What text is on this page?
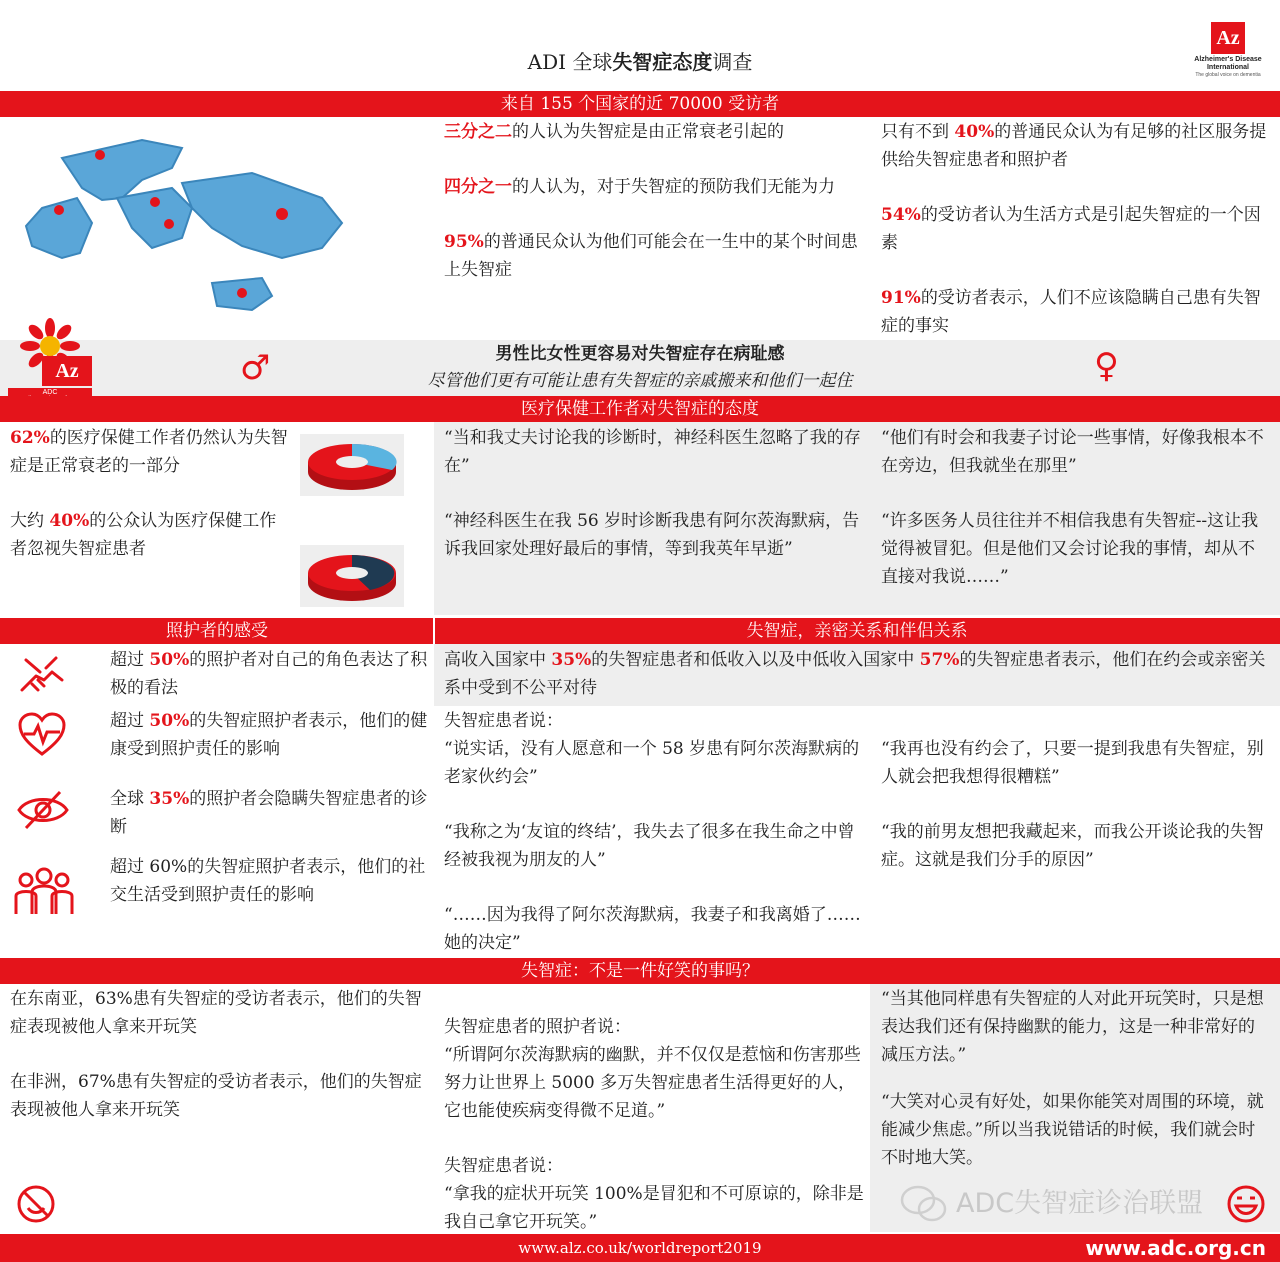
ADI 全球失智症态度调查
Az
Alzheimer's Disease
International
The global voice on dementia
来自 155 个国家的近 70000 受访者
三分之二的人认为失智症是由正常衰老引起的
四分之一的人认为，对于失智症的预防我们无能为力
95%的普通民众认为他们可能会在一生中的某个时间患上失智症
只有不到 40%的普通民众认为有足够的社区服务提供给失智症患者和照护者
54%的受访者认为生活方式是引起失智症的一个因素
91%的受访者表示，人们不应该隐瞒自己患有失智症的事实
Az
ADC
♂	♀
男性比女性更容易对失智症存在病耻感
尽管他们更有可能让患有失智症的亲戚搬来和他们一起住
医疗保健工作者对失智症的态度
62%的医疗保健工作者仍然认为失智症是正常衰老的一部分
大约 40%的公众认为医疗保健工作者忽视失智症患者
“当和我丈夫讨论我的诊断时，神经科医生忽略了我的存在”
“神经科医生在我 56 岁时诊断我患有阿尔茨海默病，告诉我回家处理好最后的事情，等到我英年早逝”
“他们有时会和我妻子讨论一些事情，好像我根本不在旁边，但我就坐在那里”
“许多医务人员往往并不相信我患有失智症--这让我觉得被冒犯。但是他们又会讨论我的事情，却从不直接对我说……”
照护者的感受	失智症，亲密关系和伴侣关系
超过 50%的照护者对自己的角色表达了积极的看法
超过 50%的失智症照护者表示，他们的健康受到照护责任的影响
全球 35%的照护者会隐瞒失智症患者的诊断
超过 60%的失智症照护者表示，他们的社交生活受到照护责任的影响
高收入国家中 35%的失智症患者和低收入以及中低收入国家中 57%的失智症患者表示，他们在约会或亲密关系中受到不公平对待
失智症患者说：
“说实话，没有人愿意和一个 58 岁患有阿尔茨海默病的老家伙约会”
“我称之为‘友谊的终结’，我失去了很多在我生命之中曾经被我视为朋友的人”
“……因为我得了阿尔茨海默病，我妻子和我离婚了……她的决定”
“我再也没有约会了，只要一提到我患有失智症，别人就会把我想得很糟糕”
“我的前男友想把我藏起来，而我公开谈论我的失智症。这就是我们分手的原因”
失智症：不是一件好笑的事吗？
在东南亚，63%患有失智症的受访者表示，他们的失智症表现被他人拿来开玩笑
在非洲，67%患有失智症的受访者表示，他们的失智症表现被他人拿来开玩笑
失智症患者的照护者说：
“所谓阿尔茨海默病的幽默，并不仅仅是惹恼和伤害那些努力让世界上 5000 多万失智症患者生活得更好的人，它也能使疾病变得微不足道。”
失智症患者说：
“拿我的症状开玩笑 100%是冒犯和不可原谅的，除非是我自己拿它开玩笑。”
“当其他同样患有失智症的人对此开玩笑时，只是想表达我们还有保持幽默的能力，这是一种非常好的减压方法。”
“大笑对心灵有好处，如果你能笑对周围的环境，就能减少焦虑。”所以当我说错话的时候，我们就会时不时地大笑。
ADC失智症诊治联盟
www.alz.co.uk/worldreport2019	www.adc.org.cn
